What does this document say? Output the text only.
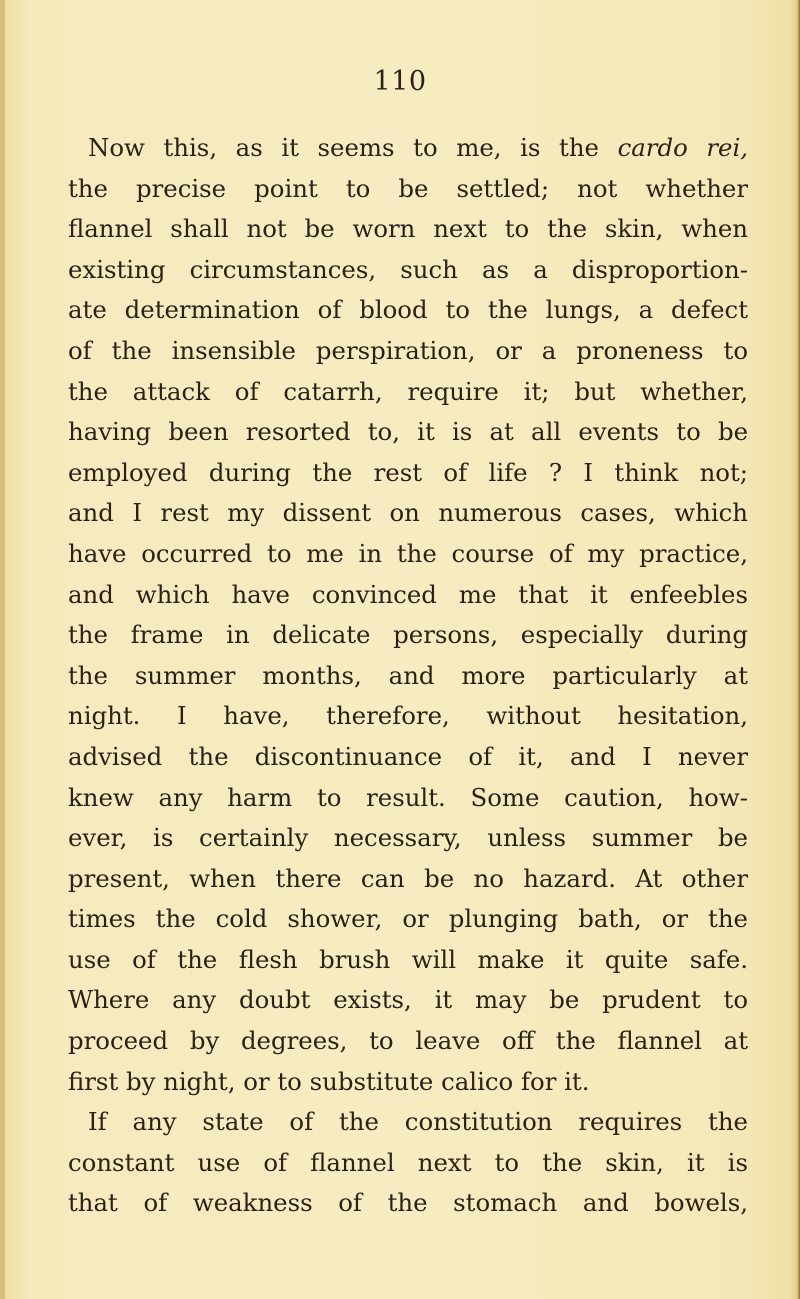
110
Now this, as it seems to me, is the cardo rei,
the precise point to be settled; not whether
flannel shall not be worn next to the skin, when
existing circumstances, such as a disproportion-
ate determination of blood to the lungs, a defect
of the insensible perspiration, or a proneness to
the attack of catarrh, require it; but whether,
having been resorted to, it is at all events to be
employed during the rest of life ? I think not;
and I rest my dissent on numerous cases, which
have occurred to me in the course of my practice,
and which have convinced me that it enfeebles
the frame in delicate persons, especially during
the summer months, and more particularly at
night. I have, therefore, without hesitation,
advised the discontinuance of it, and I never
knew any harm to result. Some caution, how-
ever, is certainly necessary, unless summer be
present, when there can be no hazard. At other
times the cold shower, or plunging bath, or the
use of the flesh brush will make it quite safe.
Where any doubt exists, it may be prudent to
proceed by degrees, to leave off the flannel at
first by night, or to substitute calico for it.
If any state of the constitution requires the
constant use of flannel next to the skin, it is
that of weakness of the stomach and bowels,
